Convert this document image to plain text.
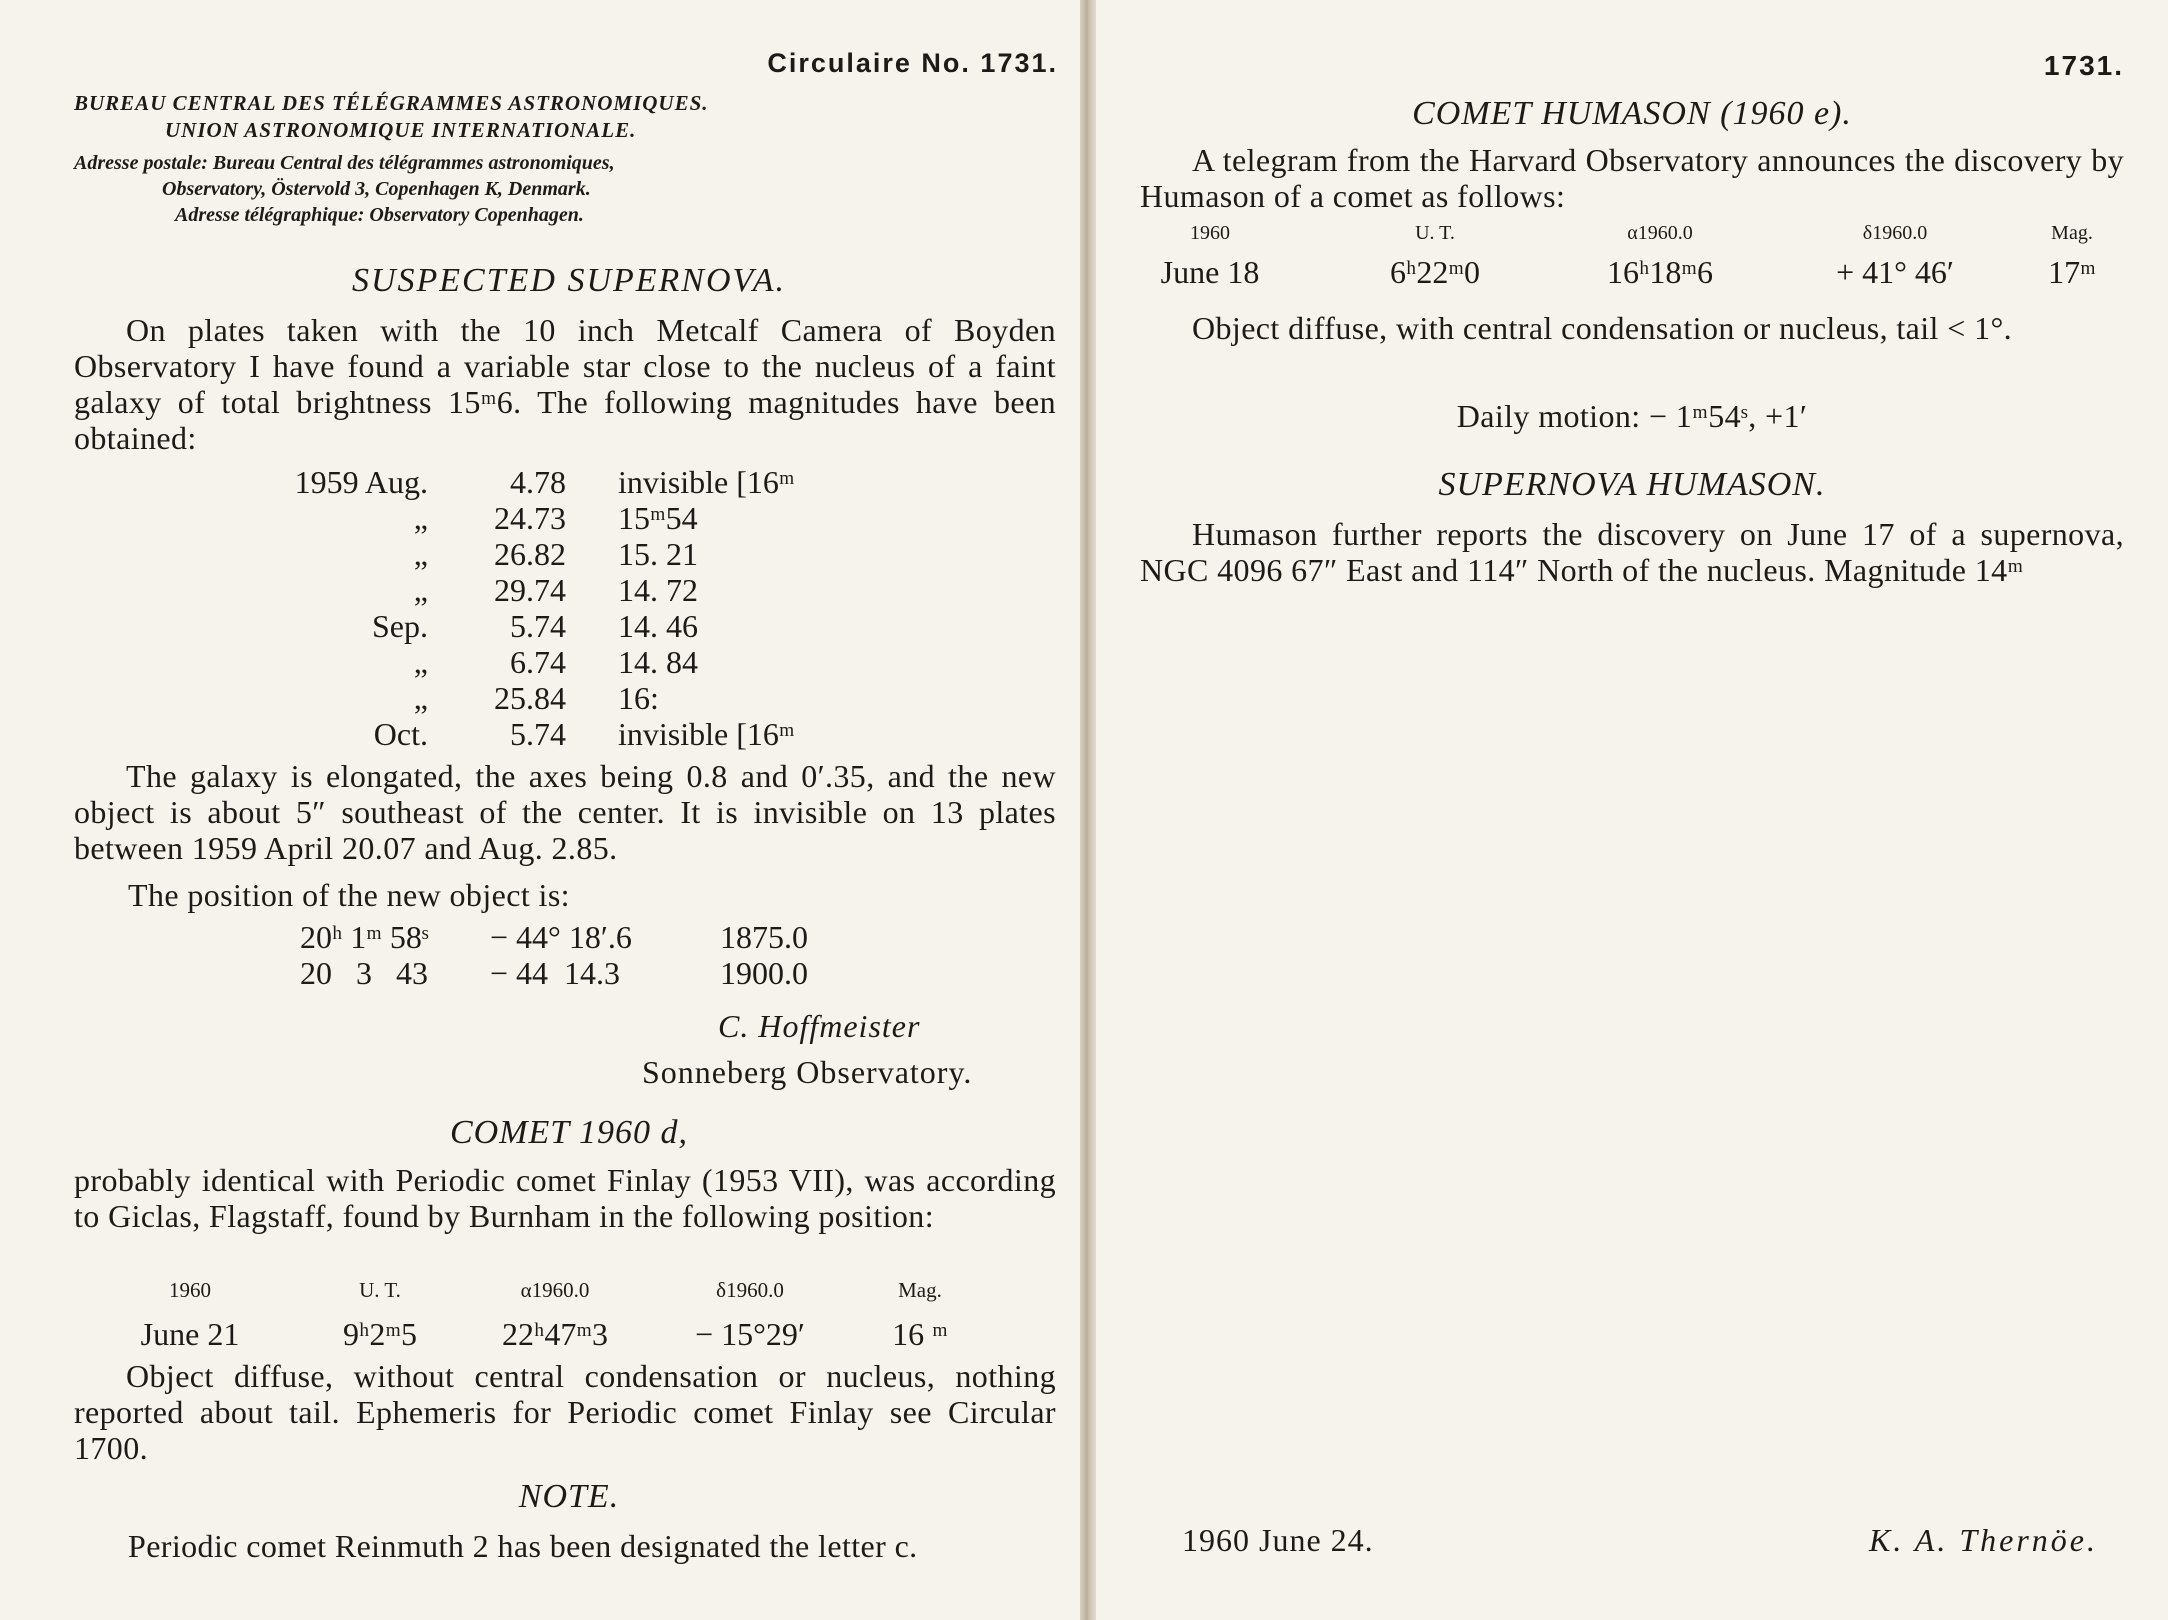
Circulaire No. 1731.
BUREAU CENTRAL DES TÉLÉGRAMMES ASTRONOMIQUES.
UNION ASTRONOMIQUE INTERNATIONALE.
Adresse postale: Bureau Central des télégrammes astronomiques,
Observatory, Östervold 3, Copenhagen K, Denmark.
Adresse télégraphique: Observatory Copenhagen.
SUSPECTED SUPERNOVA.
On plates taken with the 10 inch Metcalf Camera of Boyden Observatory I have found a variable star close to the nucleus of a faint galaxy of total brightness 15ᵐ6. The following magnitudes have been obtained:
1959 Aug.	4.78	invisible [16ᵐ
„	24.73	15ᵐ54
„	26.82	15. 21
„	29.74	14. 72
Sep.	5.74	14. 46
„	6.74	14. 84
„	25.84	16:
Oct.	5.74	invisible [16ᵐ
The galaxy is elongated, the axes being 0.8 and 0′.35, and the new object is about 5″ southeast of the center. It is invisible on 13 plates between 1959 April 20.07 and Aug. 2.85.
The position of the new object is:
20ʰ 1ᵐ 58ˢ	− 44° 18′.6	1875.0
20   3   43	− 44  14.3	1900.0
C. Hoffmeister
Sonneberg Observatory.
COMET 1960 d,
probably identical with Periodic comet Finlay (1953 VII), was according to Giclas, Flagstaff, found by Burnham in the following position:
1960	U. T.	α1960.0	δ1960.0	Mag.
June 21	9ʰ2ᵐ5	22ʰ47ᵐ3	− 15°29′	16 ᵐ
Object diffuse, without central condensation or nucleus, nothing reported about tail. Ephemeris for Periodic comet Finlay see Circular 1700.
NOTE.
Periodic comet Reinmuth 2 has been designated the letter c.
1731.
COMET HUMASON (1960 e).
A telegram from the Harvard Observatory announces the discovery by Humason of a comet as follows:
1960	U. T.	α1960.0	δ1960.0	Mag.
June 18	6ʰ22ᵐ0	16ʰ18ᵐ6	+ 41° 46′	17ᵐ
Object diffuse, with central condensation or nucleus, tail < 1°.
Daily motion: − 1ᵐ54ˢ, +1′
SUPERNOVA HUMASON.
Humason further reports the discovery on June 17 of a supernova, NGC 4096 67″ East and 114″ North of the nucleus. Magnitude 14ᵐ
1960 June 24.	K. A. Thernöe.
